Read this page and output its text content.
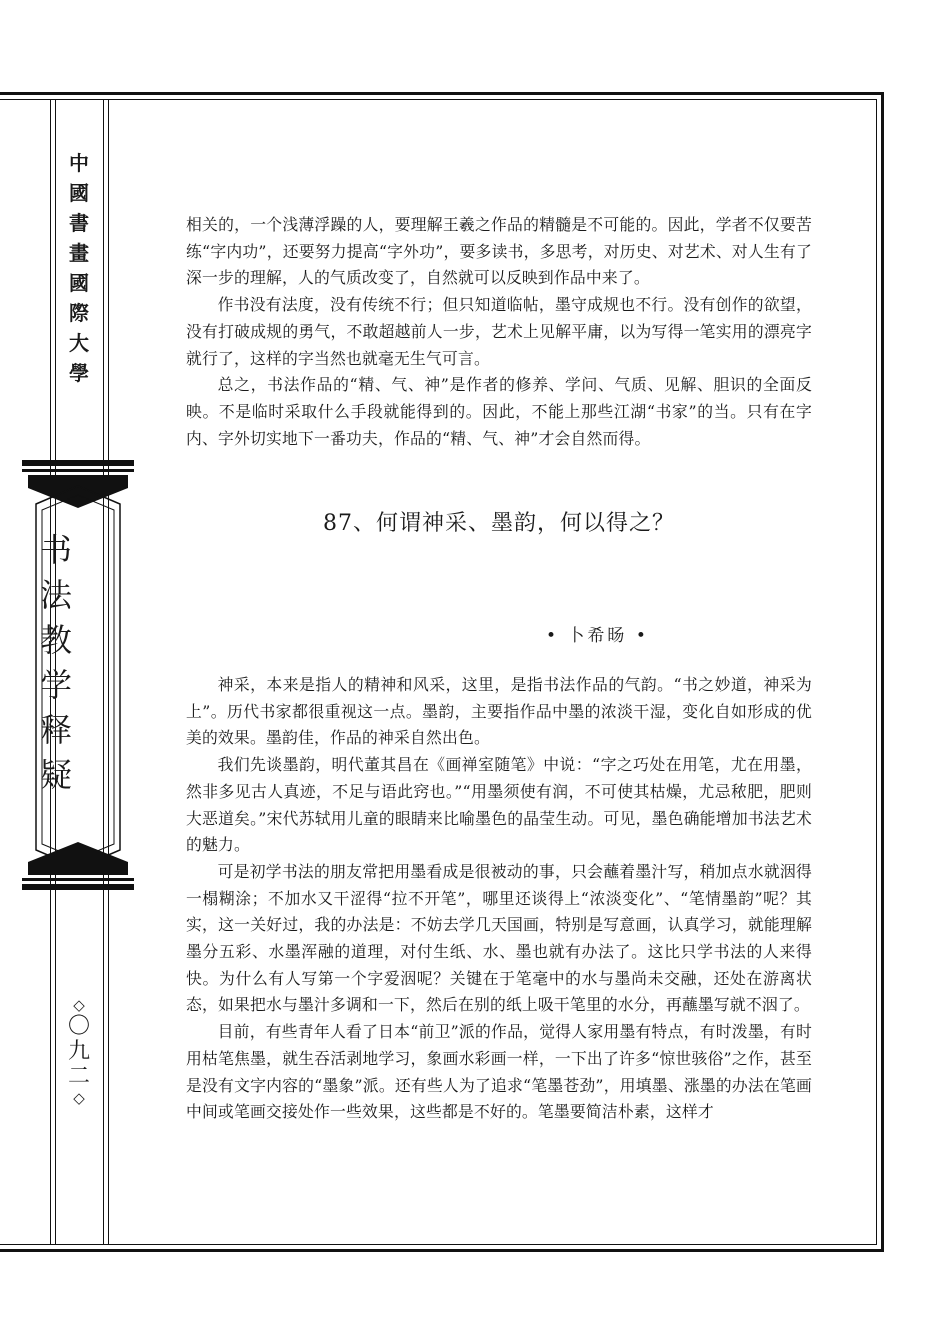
中
國
書
畫
國
際
大
學
书
法
教
学
释
疑
◇
〇
九
二
◇

相关的，一个浅薄浮躁的人，要理解王羲之作品的精髓是不可能的。因此，学者不仅要苦练“字内功”，还要努力提高“字外功”，要多读书，多思考，对历史、对艺术、对人生有了深一步的理解，人的气质改变了，自然就可以反映到作品中来了。

作书没有法度，没有传统不行；但只知道临帖，墨守成规也不行。没有创作的欲望，没有打破成规的勇气，不敢超越前人一步，艺术上见解平庸，以为写得一笔实用的漂亮字就行了，这样的字当然也就毫无生气可言。

总之，书法作品的“精、气、神”是作者的修养、学问、气质、见解、胆识的全面反映。不是临时采取什么手段就能得到的。因此，不能上那些江湖“书家”的当。只有在字内、字外切实地下一番功夫，作品的“精、气、神”才会自然而得。

87、何谓神采、墨韵，何以得之？
• 卜希旸 •

神采，本来是指人的精神和风采，这里，是指书法作品的气韵。“书之妙道，神采为上”。历代书家都很重视这一点。墨韵，主要指作品中墨的浓淡干湿，变化自如形成的优美的效果。墨韵佳，作品的神采自然出色。

我们先谈墨韵，明代董其昌在《画禅室随笔》中说：“字之巧处在用笔，尤在用墨，然非多见古人真迹，不足与语此窍也。”“用墨须使有润，不可使其枯燥，尤忌秾肥，肥则大恶道矣。”宋代苏轼用儿童的眼睛来比喻墨色的晶莹生动。可见，墨色确能增加书法艺术的魅力。

可是初学书法的朋友常把用墨看成是很被动的事，只会蘸着墨汁写，稍加点水就洇得一榻糊涂；不加水又干涩得“拉不开笔”，哪里还谈得上“浓淡变化”、“笔情墨韵”呢？其实，这一关好过，我的办法是：不妨去学几天国画，特别是写意画，认真学习，就能理解墨分五彩、水墨浑融的道理，对付生纸、水、墨也就有办法了。这比只学书法的人来得快。为什么有人写第一个字爱洇呢？关键在于笔毫中的水与墨尚未交融，还处在游离状态，如果把水与墨汁多调和一下，然后在别的纸上吸干笔里的水分，再蘸墨写就不洇了。

目前，有些青年人看了日本“前卫”派的作品，觉得人家用墨有特点，有时泼墨，有时用枯笔焦墨，就生吞活剥地学习，象画水彩画一样，一下出了许多“惊世骇俗”之作，甚至是没有文字内容的“墨象”派。还有些人为了追求“笔墨苍劲”，用填墨、涨墨的办法在笔画中间或笔画交接处作一些效果，这些都是不好的。笔墨要简洁朴素，这样才
